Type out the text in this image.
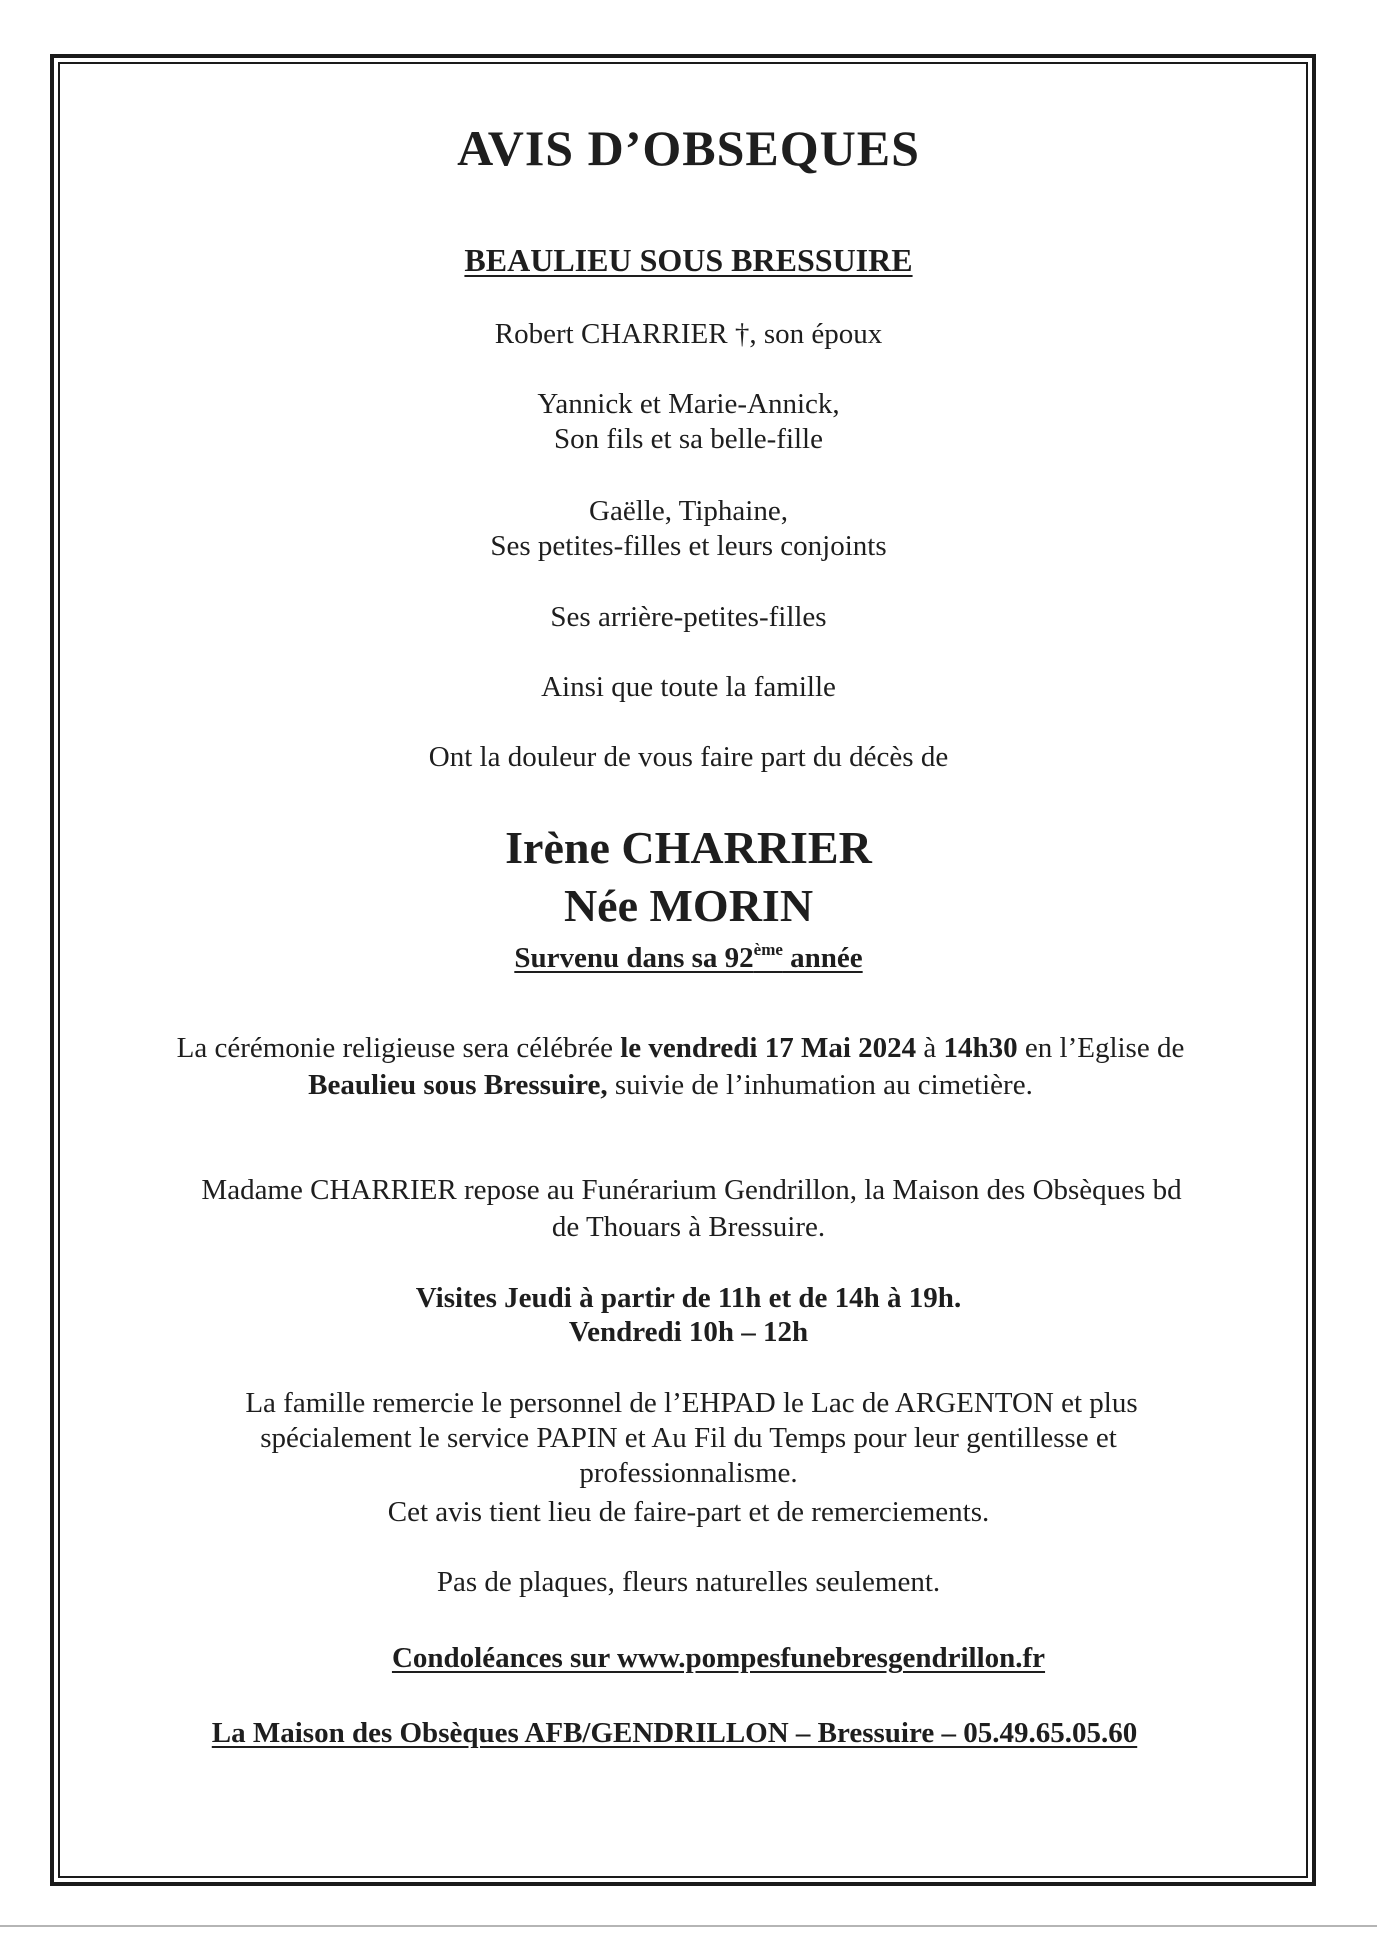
AVIS D’OBSEQUES
BEAULIEU SOUS BRESSUIRE
Robert CHARRIER †, son époux
Yannick et Marie-Annick,
Son fils et sa belle-fille
Gaëlle, Tiphaine,
Ses petites-filles et leurs conjoints
Ses arrière-petites-filles
Ainsi que toute la famille
Ont la douleur de vous faire part du décès de
Irène CHARRIER
Née MORIN
Survenu dans sa 92ème année
La cérémonie religieuse sera célébrée le vendredi 17 Mai 2024 à 14h30 en l’Eglise de
Beaulieu sous Bressuire, suivie de l’inhumation au cimetière.
Madame CHARRIER repose au Funérarium Gendrillon, la Maison des Obsèques bd
de Thouars à Bressuire.
Visites Jeudi à partir de 11h et de 14h à 19h.
Vendredi 10h – 12h
La famille remercie le personnel de l’EHPAD le Lac de ARGENTON et plus
spécialement le service PAPIN et Au Fil du Temps pour leur gentillesse et
professionnalisme.
Cet avis tient lieu de faire-part et de remerciements.
Pas de plaques, fleurs naturelles seulement.
Condoléances sur www.pompesfunebresgendrillon.fr
La Maison des Obsèques AFB/GENDRILLON – Bressuire – 05.49.65.05.60
